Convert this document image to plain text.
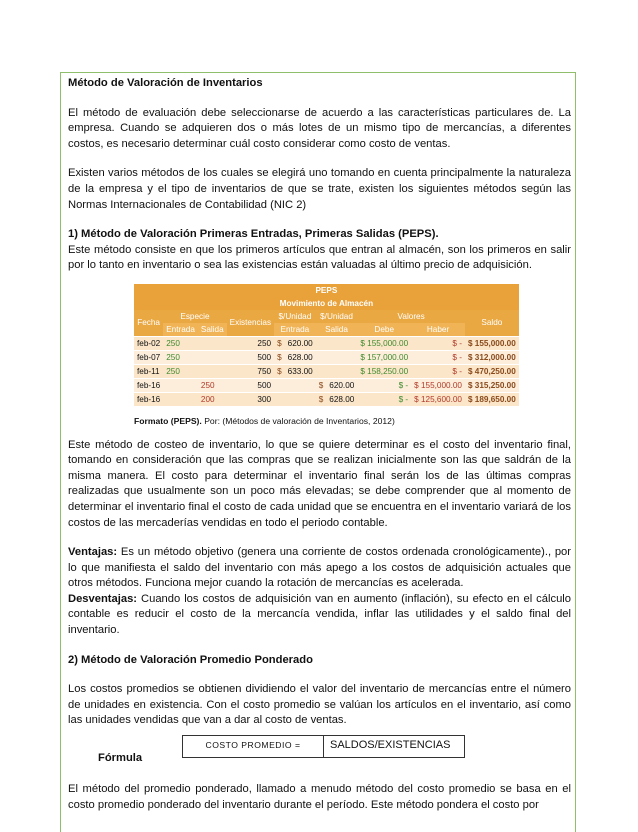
Método de Valoración de Inventarios

El método de evaluación debe seleccionarse de acuerdo a las características particulares de. La empresa. Cuando se adquieren dos o más lotes de un mismo tipo de mercancías, a diferentes costos, es necesario determinar cuál costo considerar como costo de ventas.

Existen varios métodos de los cuales se elegirá uno tomando en cuenta principalmente la naturaleza de la empresa y el tipo de inventarios de que se trate, existen los siguientes métodos según las Normas Internacionales de Contabilidad (NIC 2)

1) Método de Valoración Primeras Entradas, Primeras Salidas (PEPS).

Este método consiste en que los primeros artículos que entran al almacén, son los primeros en salir por lo tanto en inventario o sea las existencias están valuadas al último precio de adquisición.

PEPS										
Movimiento de Almacén										
Fecha	Especie		Existencias	$/Unidad		$/Unidad		Valores		Saldo
	Entrada	Salida		Entrada		Salida		Debe	Haber	
feb-02	250		250	$	620.00			$ 155,000.00	$ -	$ 155,000.00
feb-07	250		500	$	628.00			$ 157,000.00	$ -	$ 312,000.00
feb-11	250		750	$	633.00			$ 158,250.00	$ -	$ 470,250.00
feb-16		250	500			$	620.00	$ -	$ 155,000.00	$ 315,250.00
feb-16		200	300			$	628.00	$ -	$ 125,600.00	$ 189,650.00
Formato (PEPS). Por: (Métodos de valoración de Inventarios, 2012)

Este método de costeo de inventario, lo que se quiere determinar es el costo del inventario final, tomando en consideración que las compras que se realizan inicialmente son las que saldrán de la misma manera. El costo para determinar el inventario final serán los de las últimas compras realizadas que usualmente son un poco más elevadas; se debe comprender que al momento de determinar el inventario final el costo de cada unidad que se encuentra en el inventario variará de los costos de las mercaderías vendidas en todo el periodo contable.

Ventajas: Es un método objetivo (genera una corriente de costos ordenada cronológicamente)., por lo que manifiesta el saldo del inventario con más apego a los costos de adquisición actuales que otros métodos. Funciona mejor cuando la rotación de mercancías es acelerada.

Desventajas: Cuando los costos de adquisición van en aumento (inflación), su efecto en el cálculo contable es reducir el costo de la mercancía vendida, inflar las utilidades y el saldo final del inventario.

2) Método de Valoración Promedio Ponderado

Los costos promedios se obtienen dividiendo el valor del inventario de mercancías entre el número de unidades en existencia. Con el costo promedio se valúan los artículos en el inventario, así como las unidades vendidas que van a dar al costo de ventas.

Fórmula
COSTO PROMEDIO =	SALDOS/EXISTENCIAS

El método del promedio ponderado, llamado a menudo método del costo promedio se basa en el costo promedio ponderado del inventario durante el período. Este método pondera el costo por
